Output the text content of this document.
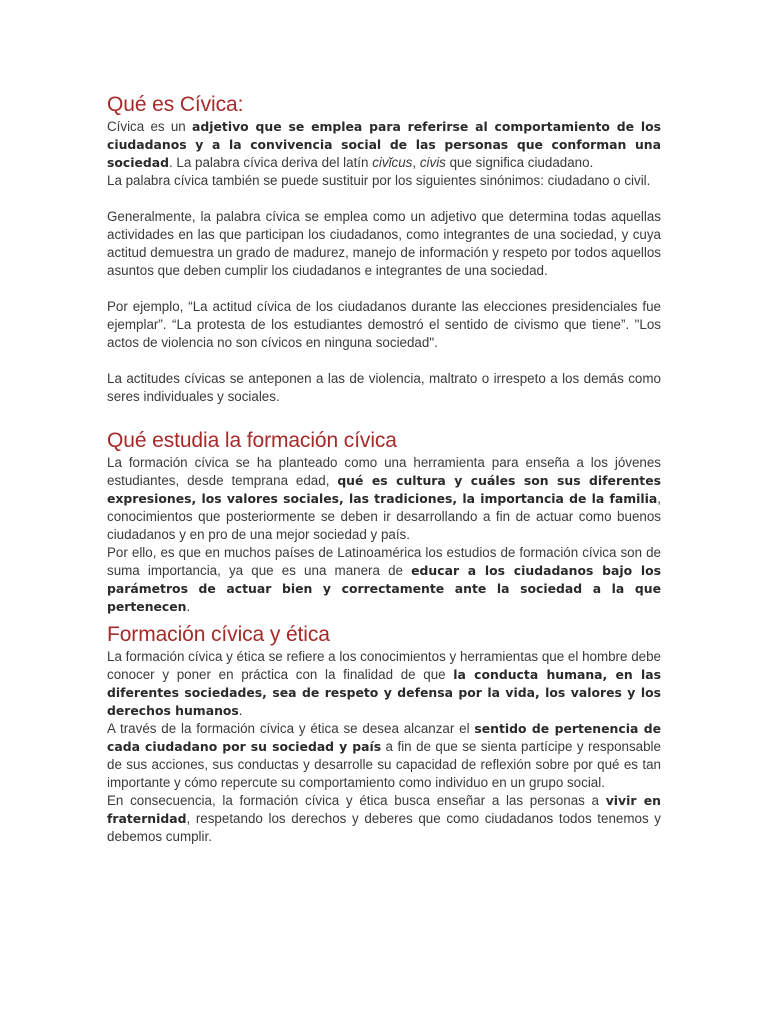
Qué es Cívica:

Cívica es un adjetivo que se emplea para referirse al comportamiento de los ciudadanos y a la convivencia social de las personas que conforman una sociedad. La palabra cívica deriva del latín civĭcus, civis que significa ciudadano.

La palabra cívica también se puede sustituir por los siguientes sinónimos: ciudadano o civil.

Generalmente, la palabra cívica se emplea como un adjetivo que determina todas aquellas actividades en las que participan los ciudadanos, como integrantes de una sociedad, y cuya actitud demuestra un grado de madurez, manejo de información y respeto por todos aquellos asuntos que deben cumplir los ciudadanos e integrantes de una sociedad.

Por ejemplo, “La actitud cívica de los ciudadanos durante las elecciones presidenciales fue ejemplar”. “La protesta de los estudiantes demostró el sentido de civismo que tiene”. "Los actos de violencia no son cívicos en ninguna sociedad".

La actitudes cívicas se anteponen a las de violencia, maltrato o irrespeto a los demás como seres individuales y sociales.

Qué estudia la formación cívica

La formación cívica se ha planteado como una herramienta para enseña a los jóvenes estudiantes, desde temprana edad, qué es cultura y cuáles son sus diferentes expresiones, los valores sociales, las tradiciones, la importancia de la familia, conocimientos que posteriormente se deben ir desarrollando a fin de actuar como buenos ciudadanos y en pro de una mejor sociedad y país.

Por ello, es que en muchos países de Latinoamérica los estudios de formación cívica son de suma importancia, ya que es una manera de educar a los ciudadanos bajo los parámetros de actuar bien y correctamente ante la sociedad a la que pertenecen.

Formación cívica y ética

La formación cívica y ética se refiere a los conocimientos y herramientas que el hombre debe conocer y poner en práctica con la finalidad de que la conducta humana, en las diferentes sociedades, sea de respeto y defensa por la vida, los valores y los derechos humanos.

A través de la formación cívica y ética se desea alcanzar el sentido de pertenencia de cada ciudadano por su sociedad y país a fin de que se sienta partícipe y responsable de sus acciones, sus conductas y desarrolle su capacidad de reflexión sobre por qué es tan importante y cómo repercute su comportamiento como individuo en un grupo social.

En consecuencia, la formación cívica y ética busca enseñar a las personas a vivir en fraternidad, respetando los derechos y deberes que como ciudadanos todos tenemos y debemos cumplir.
